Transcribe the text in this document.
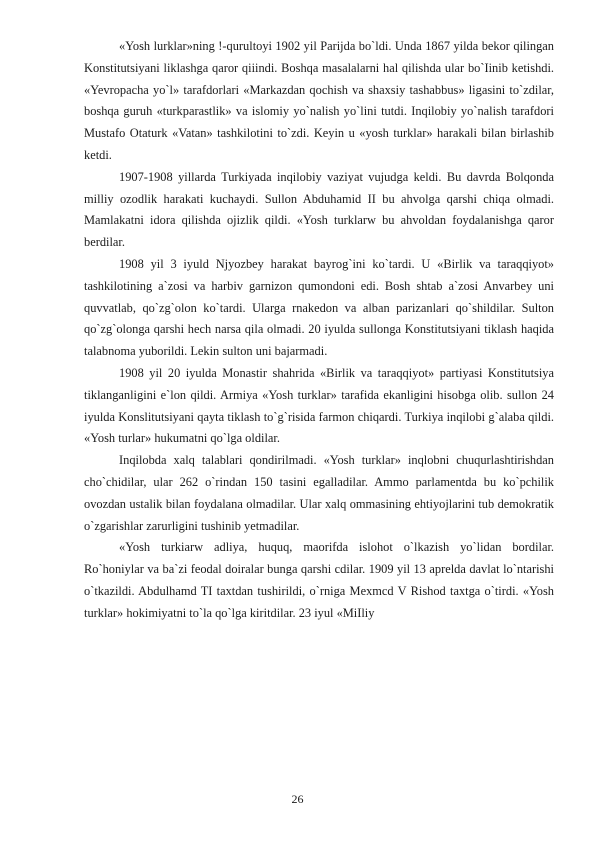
«Yosh lurklar»ning !-qurultoyi 1902 yil Parijda bo`ldi. Unda 1867 yilda bekor qilingan Konstitutsiyani liklashga qaror qiiindi. Boshqa masalalarni hal qilishda ular bo`Iinib ketishdi. «Yevropacha yo`l» tarafdorlari «Markazdan qochish va shaxsiy tashabbus» ligasini to`zdilar, boshqa guruh «turkparastlik» va islomiy yo`nalish yo`lini tutdi. Inqilobiy yo`nalish tarafdori Mustafo Otaturk «Vatan» tashkilotini to`zdi. Keyin u «yosh turklar» harakali bilan birlashib ketdi.

1907-1908 yillarda Turkiyada inqilobiy vaziyat vujudga keldi. Bu davrda Bolqonda milliy ozodlik harakati kuchaydi. Sullon Abduhamid II bu ahvolga qarshi chiqa olmadi. Mamlakatni idora qilishda ojizlik qildi. «Yosh turklarw bu ahvoldan foydalanishga qaror berdilar.

1908 yil 3 iyuld Njyozbey harakat bayrog`ini ko`tardi. U «Birlik va taraqqiyot» tashkilotining a`zosi va harbiv garnizon qumondoni edi. Bosh shtab a`zosi Anvarbey uni quvvatlab, qo`zg`olon ko`tardi. Ularga rnakedon va alban parizanlari qo`shildilar. Sulton qo`zg`olonga qarshi hech narsa qila olmadi. 20 iyulda sullonga Konstitutsiyani tiklash haqida talabnoma yuborildi. Lekin sulton uni bajarmadi.

1908 yil 20 iyulda Monastir shahrida «Birlik va taraqqiyot» partiyasi Konstitutsiya tiklanganligini e`lon qildi. Armiya «Yosh turklar» tarafida ekanligini hisobga olib. sullon 24 iyulda Konslitutsiyani qayta tiklash to`g`risida farmon chiqardi. Turkiya inqilobi g`alaba qildi. «Yosh turlar» hukumatni qo`lga oldilar.

Inqilobda xalq talablari qondirilmadi. «Yosh turklar» inqlobni chuqurlashtirishdan cho`chidilar, ular 262 o`rindan 150 tasini egalladilar. Ammo parlamentda bu ko`pchilik ovozdan ustalik bilan foydalana olmadilar. Ular xalq ommasining ehtiyojlarini tub demokratik o`zgarishlar zarurligini tushinib yetmadilar.

«Yosh turkiarw adliya, huquq, maorifda islohot o`lkazish yo`lidan bordilar. Ro`honiylar va ba`zi feodal doiralar bunga qarshi cdilar. 1909 yil 13 aprelda davlat lo`ntarishi o`tkazildi. Abdulhamd TI taxtdan tushirildi, o`rniga Mexmcd V Rishod taxtga o`tirdi. «Yosh turklar» hokimiyatni to`la qo`lga kiritdilar. 23 iyul «MiIliy

26
